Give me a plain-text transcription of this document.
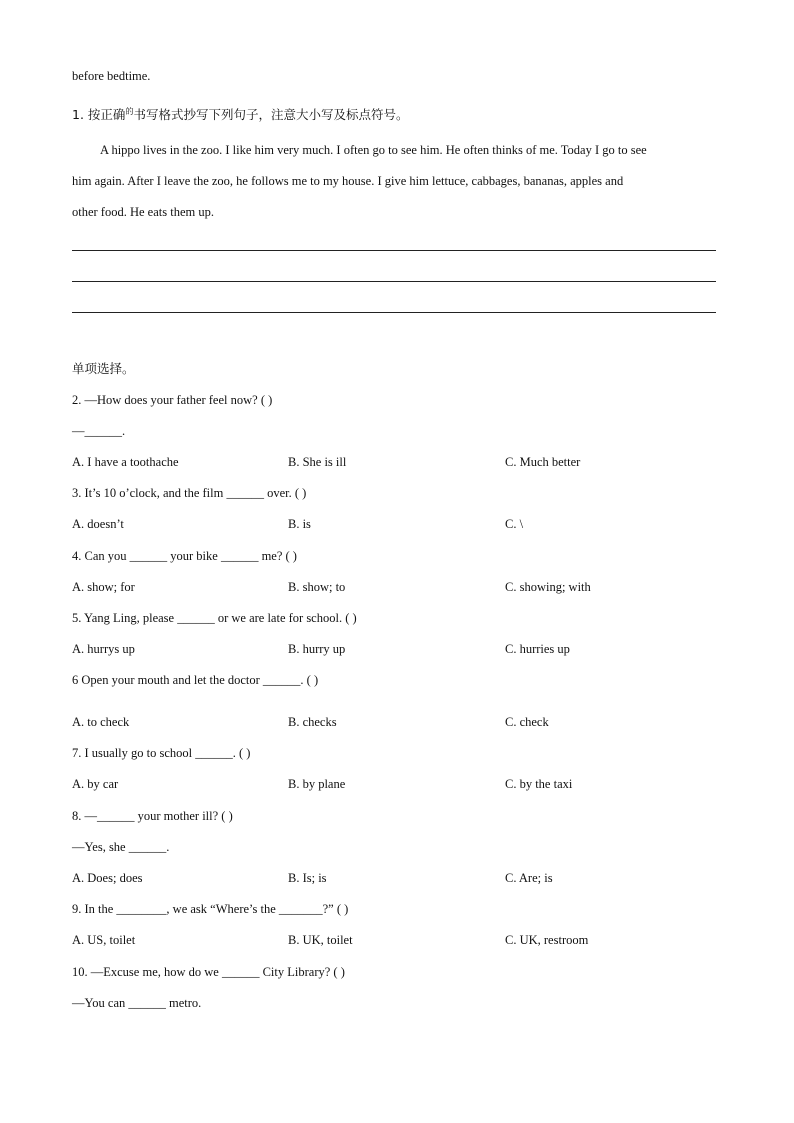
before bedtime.
1. 按正确$^的$书写格式抄写下列句子，注意大小写及标点符号。
A hippo lives in the zoo. I like him very much. I often go to see him. He often thinks of me. Today I go to see
him again. After I leave the zoo, he follows me to my house. I give him lettuce, cabbages, bananas, apples and
other food. He eats them up.
单项选择。
2. —How does your father feel now? ( )
—______.
A. I have a toothache	B. She is ill	C. Much better
3. It’s 10 o’clock, and the film ______ over. ( )
A. doesn’t	B. is	C. \
4. Can you ______ your bike ______ me? ( )
A. show; for	B. show; to	C. showing; with
5. Yang Ling, please ______ or we are late for school. ( )
A. hurrys up	B. hurry up	C. hurries up
6 Open your mouth and let the doctor ______. ( )
A. to check	B. checks	C. check
7. I usually go to school ______. ( )
A. by car	B. by plane	C. by the taxi
8. —______ your mother ill? ( )
—Yes, she ______.
A. Does; does	B. Is; is	C. Are; is
9. In the ________, we ask “Where’s the _______?” ( )
A. US, toilet	B. UK, toilet	C. UK, restroom
10. —Excuse me, how do we ______ City Library? ( )
—You can ______ metro.
